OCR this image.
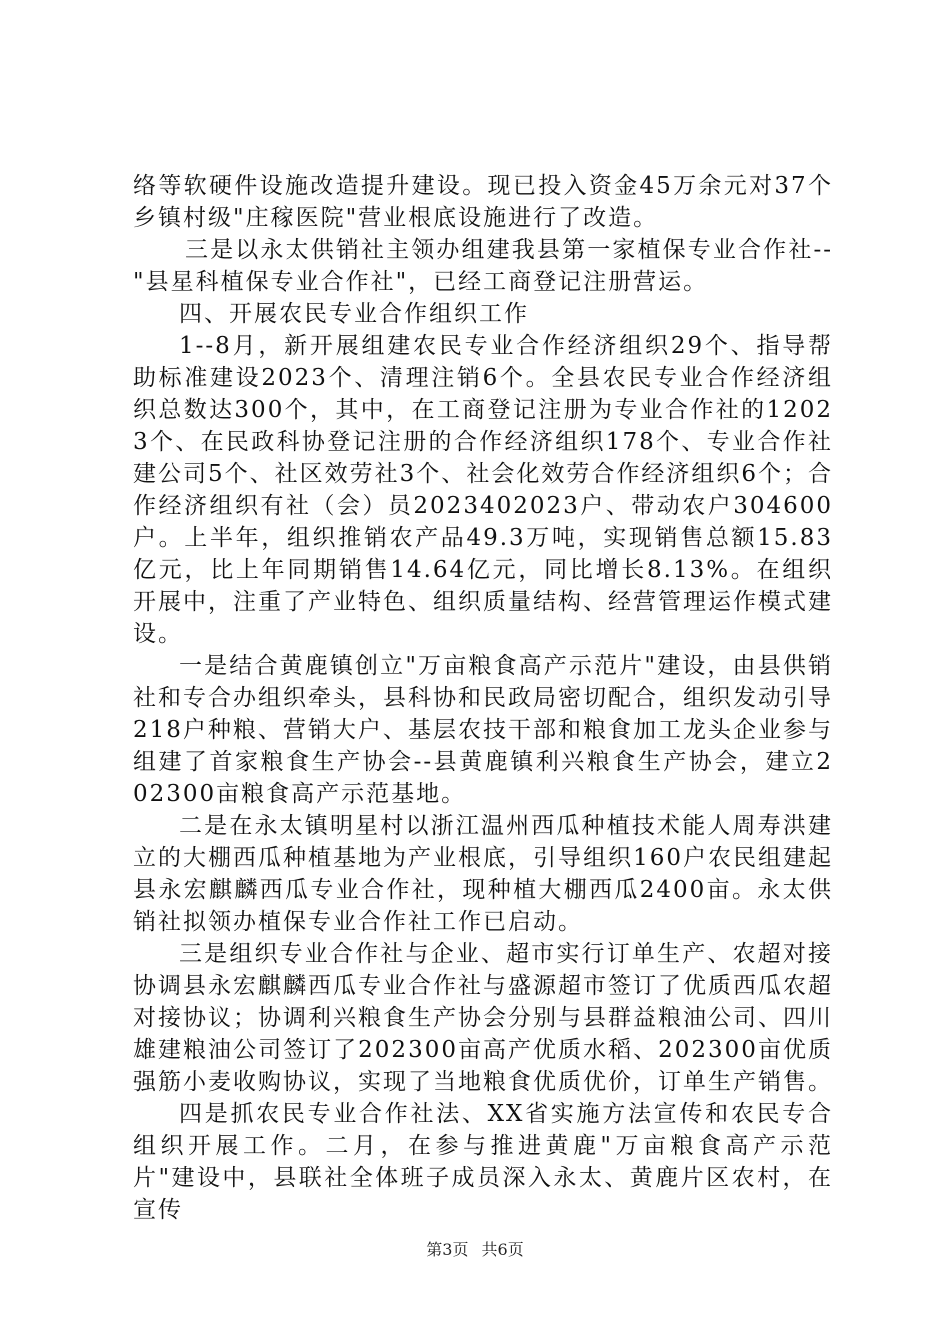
络等软硬件设施改造提升建设。现已投入资金45万余元对37个乡镇村级"庄稼医院"营业根底设施进行了改造。

三是以永太供销社主领办组建我县第一家植保专业合作社--"县星科植保专业合作社"，已经工商登记注册营运。

四、开展农民专业合作组织工作

1--8月，新开展组建农民专业合作经济组织29个、指导帮助标准建设2023个、清理注销6个。全县农民专业合作经济组织总数达300个，其中，在工商登记注册为专业合作社的12023个、在民政科协登记注册的合作经济组织178个、专业合作社建公司5个、社区效劳社3个、社会化效劳合作经济组织6个；合作经济组织有社（会）员2023402023户、带动农户304600户。上半年，组织推销农产品49.3万吨，实现销售总额15.83亿元，比上年同期销售14.64亿元，同比增长8.13%。在组织开展中，注重了产业特色、组织质量结构、经营管理运作模式建设。

一是结合黄鹿镇创立"万亩粮食高产示范片"建设，由县供销社和专合办组织牵头，县科协和民政局密切配合，组织发动引导218户种粮、营销大户、基层农技干部和粮食加工龙头企业参与组建了首家粮食生产协会--县黄鹿镇利兴粮食生产协会，建立202300亩粮食高产示范基地。

二是在永太镇明星村以浙江温州西瓜种植技术能人周寿洪建立的大棚西瓜种植基地为产业根底，引导组织160户农民组建起县永宏麒麟西瓜专业合作社，现种植大棚西瓜2400亩。永太供销社拟领办植保专业合作社工作已启动。

三是组织专业合作社与企业、超市实行订单生产、农超对接协调县永宏麒麟西瓜专业合作社与盛源超市签订了优质西瓜农超对接协议；协调利兴粮食生产协会分别与县群益粮油公司、四川雄建粮油公司签订了202300亩高产优质水稻、202300亩优质强筋小麦收购协议，实现了当地粮食优质优价，订单生产销售。

四是抓农民专业合作社法、XX省实施方法宣传和农民专合组织开展工作。二月，在参与推进黄鹿"万亩粮食高产示范片"建设中，县联社全体班子成员深入永太、黄鹿片区农村，在宣传

第3页 共6页
